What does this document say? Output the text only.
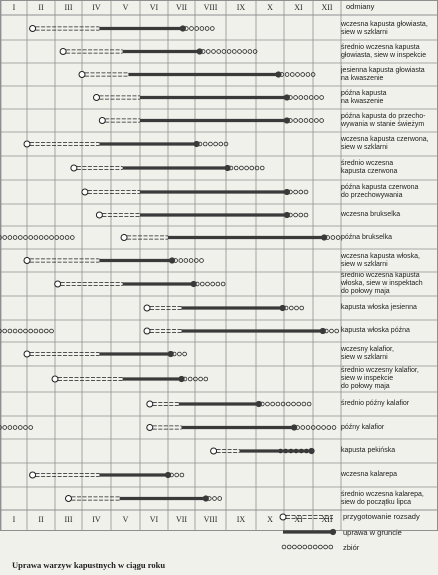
odmiany
I	II	III	IV	V	VI	VII	VIII	IX	X	XI	XII
I	II	III	IV	V	VI	VII	VIII	IX	X	XI	XII
wczesna kapusta głowiasta,
siew w szklarni
średnio wczesna kapusta
głowiasta, siew w inspekcie
jesienna kapusta głowiasta
na kwaszenie
późna kapusta
na kwaszenie
późna kapusta do przecho-
wywania w stanie świeżym
wczesna kapusta czerwona,
siew w szklarni
średnio wczesna
kapusta czerwona
późna kapusta czerwona
do przechowywania
wczesna brukselka
późna brukselka
wczesna kapusta włoska,
siew w szklarni
średnio wczesna kapusta
włoska, siew w inspektach
do połowy maja
kapusta włoska jesienna
kapusta włoska późna
wczesny kalafior,
siew w szklarni
średnio wczesny kalafior,
siew w inspekcie
do połowy maja
średnio późny kalafior
późny kalafior
kapusta pekińska
wczesna kalarepa
średnio wczesna kalarepa,
siew do początku lipca
Uprawa warzyw kapustnych w ciągu roku
przygotowanie rozsady
uprawa w gruncie
zbiór
